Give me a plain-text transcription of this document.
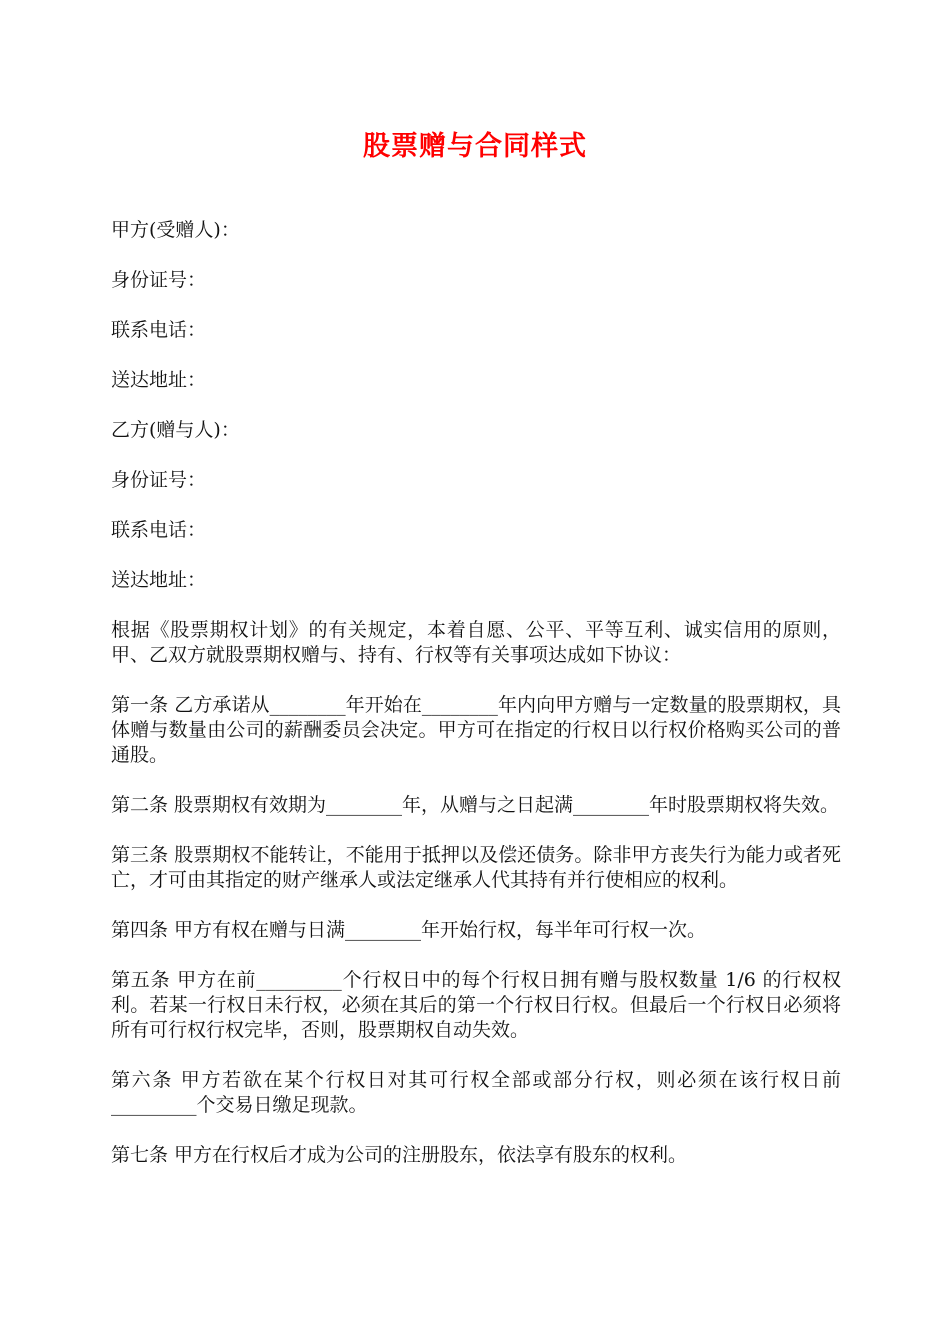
股票赠与合同样式

甲方(受赠人)：

身份证号：

联系电话：

送达地址：

乙方(赠与人)：

身份证号：

联系电话：

送达地址：

根据《股票期权计划》的有关规定，本着自愿、公平、平等互利、诚实信用的原则，甲、乙双方就股票期权赠与、持有、行权等有关事项达成如下协议：

第一条 乙方承诺从________年开始在________年内向甲方赠与一定数量的股票期权，具体赠与数量由公司的薪酬委员会决定。甲方可在指定的行权日以行权价格购买公司的普通股。

第二条 股票期权有效期为________年，从赠与之日起满________年时股票期权将失效。

第三条 股票期权不能转让，不能用于抵押以及偿还债务。除非甲方丧失行为能力或者死亡，才可由其指定的财产继承人或法定继承人代其持有并行使相应的权利。

第四条 甲方有权在赠与日满________年开始行权，每半年可行权一次。

第五条 甲方在前_________个行权日中的每个行权日拥有赠与股权数量 1/6 的行权权利。若某一行权日未行权，必须在其后的第一个行权日行权。但最后一个行权日必须将所有可行权行权完毕，否则，股票期权自动失效。

第六条 甲方若欲在某个行权日对其可行权全部或部分行权，则必须在该行权日前_________个交易日缴足现款。

第七条 甲方在行权后才成为公司的注册股东，依法享有股东的权利。
